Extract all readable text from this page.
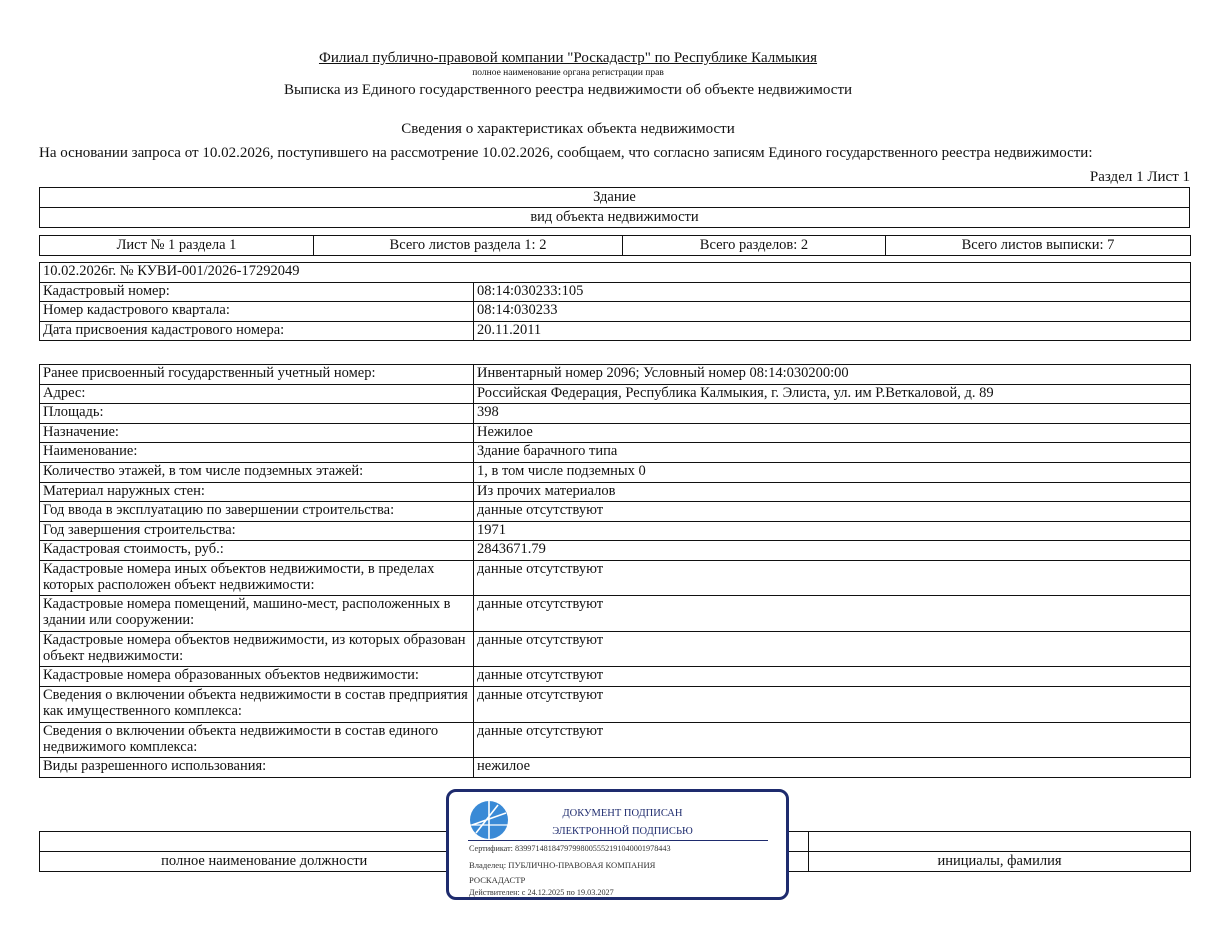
Филиал публично-правовой компании "Роскадастр" по Республике Калмыкия
полное наименование органа регистрации прав
Выписка из Единого государственного реестра недвижимости об объекте недвижимости
Сведения о характеристиках объекта недвижимости
На основании запроса от 10.02.2026, поступившего на рассмотрение 10.02.2026, сообщаем, что согласно записям Единого государственного реестра недвижимости:
Раздел 1 Лист 1
Здание
вид объекта недвижимости
Лист № 1 раздела 1	Всего листов раздела 1: 2	Всего разделов: 2	Всего листов выписки: 7
10.02.2026г. № КУВИ-001/2026-17292049	
Кадастровый номер:	08:14:030233:105
Номер кадастрового квартала:	08:14:030233
Дата присвоения кадастрового номера:	20.11.2011
Ранее присвоенный государственный учетный номер:	Инвентарный номер 2096; Условный номер 08:14:030200:00
Адрес:	Российская Федерация, Республика Калмыкия, г. Элиста, ул. им Р.Веткаловой, д. 89
Площадь:	398
Назначение:	Нежилое
Наименование:	Здание барачного типа
Количество этажей, в том числе подземных этажей:	1, в том числе подземных 0
Материал наружных стен:	Из прочих материалов
Год ввода в эксплуатацию по завершении строительства:	данные отсутствуют
Год завершения строительства:	1971
Кадастровая стоимость, руб.:	2843671.79
Кадастровые номера иных объектов недвижимости, в пределах которых расположен объект недвижимости:	данные отсутствуют
Кадастровые номера помещений, машино-мест, расположенных в здании или сооружении:	данные отсутствуют
Кадастровые номера объектов недвижимости, из которых образован объект недвижимости:	данные отсутствуют
Кадастровые номера образованных объектов недвижимости:	данные отсутствуют
Сведения о включении объекта недвижимости в состав предприятия как имущественного комплекса:	данные отсутствуют
Сведения о включении объекта недвижимости в состав единого недвижимого комплекса:	данные отсутствуют
Виды разрешенного использования:	нежилое

полное наименование должности		инициалы, фамилия
ДОКУМЕНТ ПОДПИСАН
ЭЛЕКТРОННОЙ ПОДПИСЬЮ
Сертификат: 83997148184797998005552191040001978443
Владелец: ПУБЛИЧНО-ПРАВОВАЯ КОМПАНИЯ
РОСКАДАСТР
Действителен: с 24.12.2025 по 19.03.2027
